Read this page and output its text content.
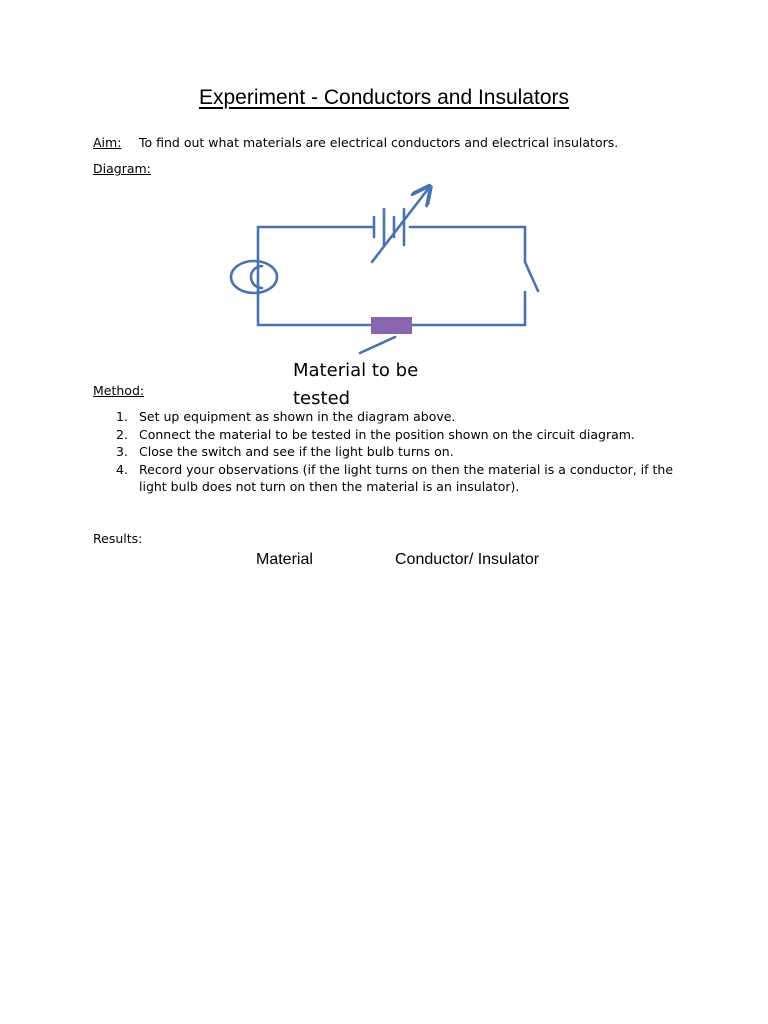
Experiment - Conductors and Insulators
Aim: To find out what materials are electrical conductors and electrical insulators.
Diagram:
Material to be tested
Method:
1. Set up equipment as shown in the diagram above.
2. Connect the material to be tested in the position shown on the circuit diagram.
3. Close the switch and see if the light bulb turns on.
4. Record your observations (if the light turns on then the material is a conductor, if the light bulb does not turn on then the material is an insulator).
Results:
Material	Conductor/ Insulator
